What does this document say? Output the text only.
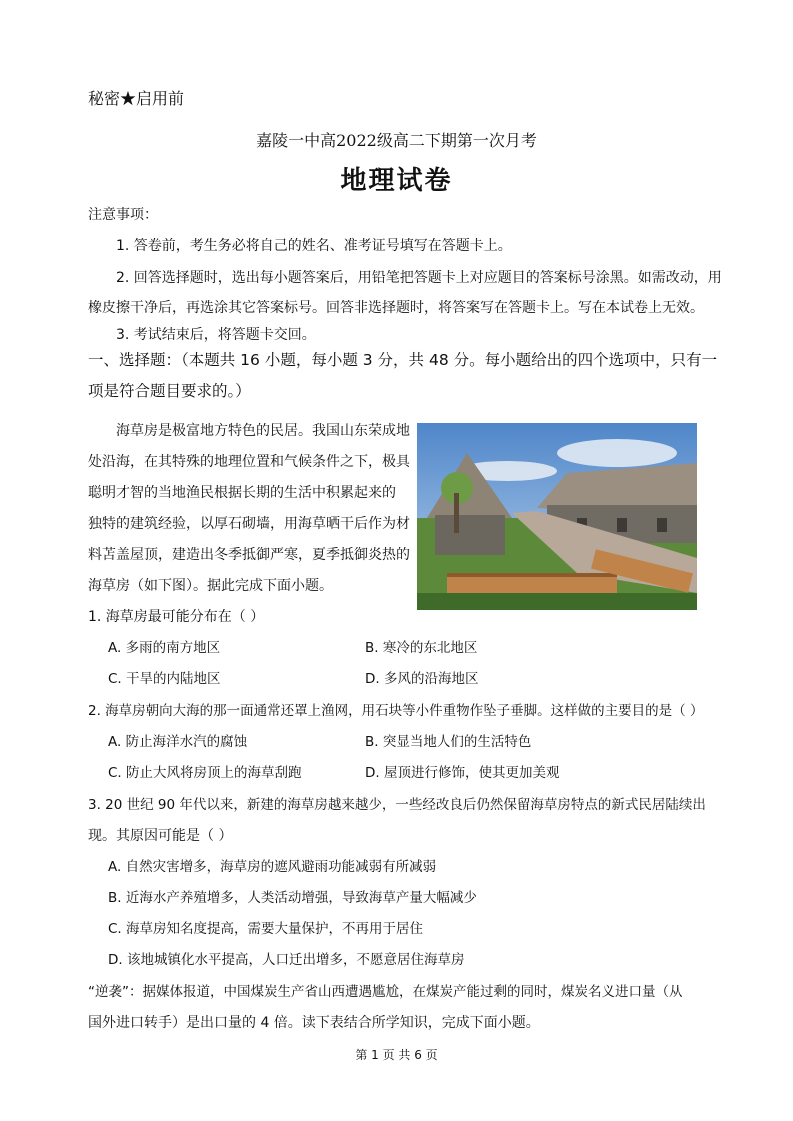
秘密★启用前
嘉陵一中高2022级高二下期第一次月考
地理试卷
注意事项：
1. 答卷前，考生务必将自己的姓名、准考证号填写在答题卡上。
2. 回答选择题时，选出每小题答案后，用铅笔把答题卡上对应题目的答案标号涂黑。如需改动，用
橡皮擦干净后，再选涂其它答案标号。回答非选择题时，将答案写在答题卡上。写在本试卷上无效。
3. 考试结束后，将答题卡交回。
一、选择题：（本题共 16 小题，每小题 3 分，共 48 分。每小题给出的四个选项中，只有一
项是符合题目要求的。）
海草房是极富地方特色的民居。我国山东荣成地
处沿海，在其特殊的地理位置和气候条件之下，极具
聪明才智的当地渔民根据长期的生活中积累起来的
独特的建筑经验，以厚石砌墙，用海草晒干后作为材
料苫盖屋顶，建造出冬季抵御严寒，夏季抵御炎热的
海草房（如下图）。据此完成下面小题。
1. 海草房最可能分布在（ ）
A. 多雨的南方地区	B. 寒冷的东北地区
C. 干旱的内陆地区	D. 多风的沿海地区
2. 海草房朝向大海的那一面通常还罩上渔网，用石块等小件重物作坠子垂脚。这样做的主要目的是（ ）
A. 防止海洋水汽的腐蚀	B. 突显当地人们的生活特色
C. 防止大风将房顶上的海草刮跑	D. 屋顶进行修饰，使其更加美观
3. 20 世纪 90 年代以来，新建的海草房越来越少，一些经改良后仍然保留海草房特点的新式民居陆续出
现。其原因可能是（ ）
A. 自然灾害增多，海草房的遮风避雨功能减弱有所减弱
B. 近海水产养殖增多，人类活动增强，导致海草产量大幅减少
C. 海草房知名度提高，需要大量保护，不再用于居住
D. 该地城镇化水平提高，人口迁出增多，不愿意居住海草房
“逆袭”：据媒体报道，中国煤炭生产省山西遭遇尴尬，在煤炭产能过剩的同时，煤炭名义进口量（从
国外进口转手）是出口量的 4 倍。读下表结合所学知识，完成下面小题。
第 1 页 共 6 页
